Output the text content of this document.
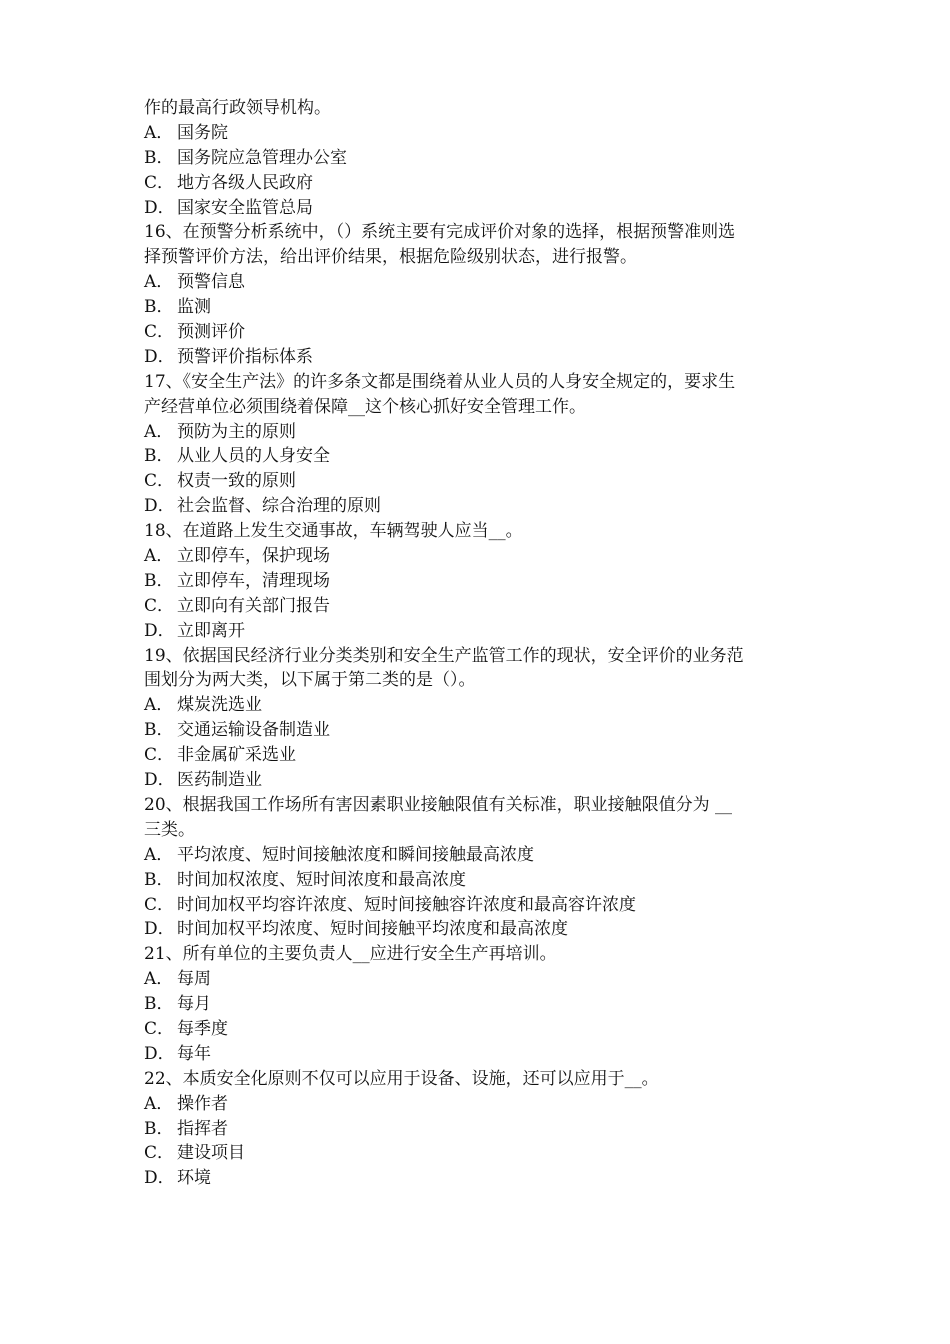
作的最高行政领导机构。
A． 国务院
B． 国务院应急管理办公室
C． 地方各级人民政府
D． 国家安全监管总局
16、在预警分析系统中，（）系统主要有完成评价对象的选择，根据预警准则选
择预警评价方法，给出评价结果，根据危险级别状态，进行报警。
A． 预警信息
B． 监测
C． 预测评价
D． 预警评价指标体系
17、《安全生产法》的许多条文都是围绕着从业人员的人身安全规定的，要求生
产经营单位必须围绕着保障__这个核心抓好安全管理工作。
A． 预防为主的原则
B． 从业人员的人身安全
C． 权责一致的原则
D． 社会监督、综合治理的原则
18、在道路上发生交通事故，车辆驾驶人应当__。
A． 立即停车，保护现场
B． 立即停车，清理现场
C． 立即向有关部门报告
D． 立即离开
19、依据国民经济行业分类类别和安全生产监管工作的现状，安全评价的业务范
围划分为两大类，以下属于第二类的是（）。
A． 煤炭洗选业
B． 交通运输设备制造业
C． 非金属矿采选业
D． 医药制造业
20、根据我国工作场所有害因素职业接触限值有关标准，职业接触限值分为 __
三类。
A． 平均浓度、短时间接触浓度和瞬间接触最高浓度
B． 时间加权浓度、短时间浓度和最高浓度
C． 时间加权平均容许浓度、短时间接触容许浓度和最高容许浓度
D． 时间加权平均浓度、短时间接触平均浓度和最高浓度
21、所有单位的主要负责人__应进行安全生产再培训。
A． 每周
B． 每月
C． 每季度
D． 每年
22、本质安全化原则不仅可以应用于设备、设施，还可以应用于__。
A． 操作者
B． 指挥者
C． 建设项目
D． 环境
